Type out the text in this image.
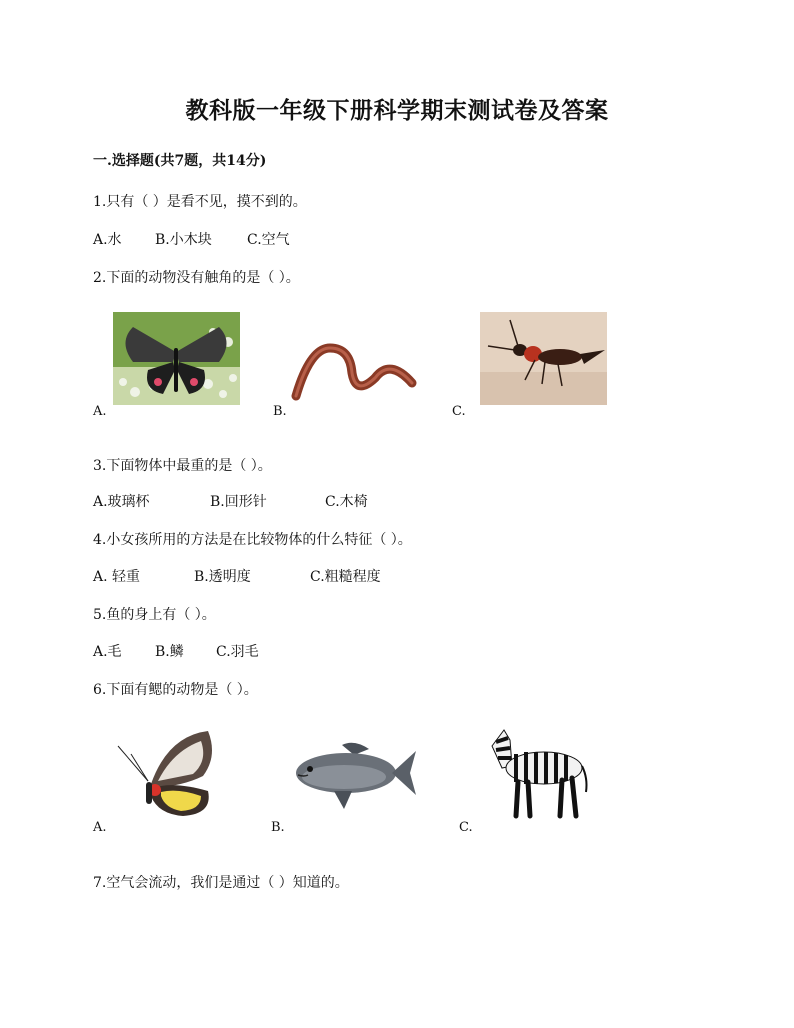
教科版一年级下册科学期末测试卷及答案
一.选择题(共7题，共14分)
1.只有（ ）是看不见，摸不到的。
A.水 B.小木块	C.空气
2.下面的动物没有触角的是（ ）。
A.	B.	C.
3.下面物体中最重的是（ ）。
A.玻璃杯	B.回形针	C.木椅
4.小女孩所用的方法是在比较物体的什么特征（ ）。
A. 轻重	B.透明度	C.粗糙程度
5.鱼的身上有（ ）。
A.毛 B.鳞 C.羽毛
6.下面有鳃的动物是（ ）。
A.	B.	C.
7.空气会流动，我们是通过（ ）知道的。
